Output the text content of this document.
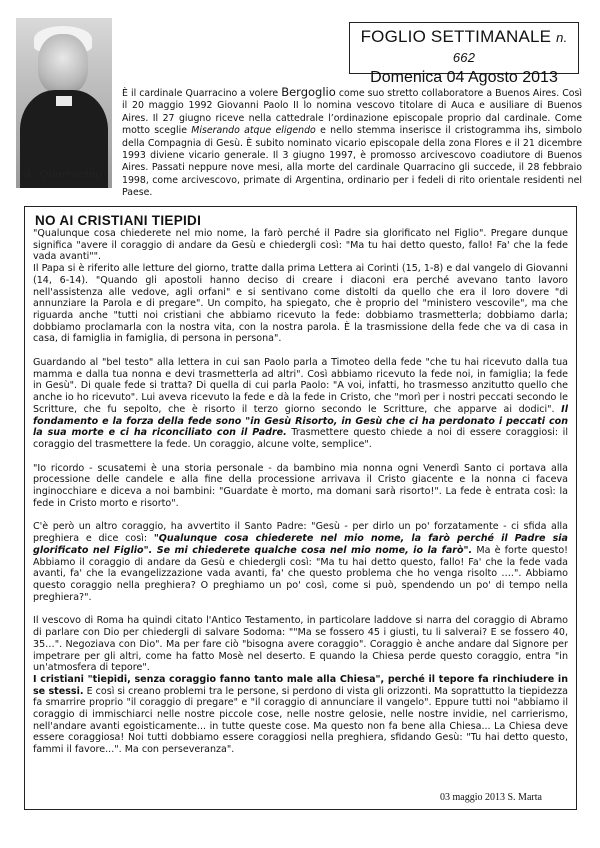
A. Quarracino
FOGLIO SETTIMANALE n. 662
Domenica 04 Agosto 2013
È il cardinale Quarracino a volere Bergoglio come suo stretto collaboratore a Buenos Aires. Così il 20 maggio 1992 Giovanni Paolo II lo nomina vescovo titolare di Auca e ausiliare di Buenos Aires. Il 27 giugno riceve nella cattedrale l’ordinazione episcopale proprio dal cardinale. Come motto sceglie Miserando atque eligendo e nello stemma inserisce il cristogramma ihs, simbolo della Compagnia di Gesù. È subito nominato vicario episcopale della zona Flores e il 21 dicembre 1993 diviene vicario generale. Il 3 giugno 1997, è promosso arcivescovo coadiutore di Buenos Aires. Passati neppure nove mesi, alla morte del cardinale Quarracino gli succede, il 28 febbraio 1998, come arcivescovo, primate di Argentina, ordinario per i fedeli di rito orientale residenti nel Paese.
NO AI CRISTIANI TIEPIDI

"Qualunque cosa chiederete nel mio nome, la farò perché il Padre sia glorificato nel Figlio". Pregare dunque significa "avere il coraggio di andare da Gesù e chiedergli così: "Ma tu hai detto questo, fallo! Fa' che la fede vada avanti"".
Il Papa si è riferito alle letture del giorno, tratte dalla prima Lettera ai Corinti (15, 1-8) e dal vangelo di Giovanni (14, 6-14). "Quando gli apostoli hanno deciso di creare i diaconi era perché avevano tanto lavoro nell'assistenza alle vedove, agli orfani" e si sentivano come distolti da quello che era il loro dovere "di annunziare la Parola e di pregare". Un compito, ha spiegato, che è proprio del "ministero vescovile", ma che riguarda anche "tutti noi cristiani che abbiamo ricevuto la fede: dobbiamo trasmetterla; dobbiamo darla; dobbiamo proclamarla con la nostra vita, con la nostra parola. È la trasmissione della fede che va di casa in casa, di famiglia in famiglia, di persona in persona".

Guardando al "bel testo" alla lettera in cui san Paolo parla a Timoteo della fede "che tu hai ricevuto dalla tua mamma e dalla tua nonna e devi trasmetterla ad altri". Così abbiamo ricevuto la fede noi, in famiglia; la fede in Gesù". Di quale fede si tratta? Di quella di cui parla Paolo: "A voi, infatti, ho trasmesso anzitutto quello che anche io ho ricevuto". Lui aveva ricevuto la fede e dà la fede in Cristo, che "morì per i nostri peccati secondo le Scritture, che fu sepolto, che è risorto il terzo giorno secondo le Scritture, che apparve ai dodici". Il fondamento e la forza della fede sono "in Gesù Risorto, in Gesù che ci ha perdonato i peccati con la sua morte e ci ha riconciliato con il Padre. Trasmettere questo chiede a noi di essere coraggiosi: il coraggio del trasmettere la fede. Un coraggio, alcune volte, semplice".

"Io ricordo - scusatemi è una storia personale - da bambino mia nonna ogni Venerdì Santo ci portava alla processione delle candele e alla fine della processione arrivava il Cristo giacente e la nonna ci faceva inginocchiare e diceva a noi bambini: "Guardate è morto, ma domani sarà risorto!". La fede è entrata così: la fede in Cristo morto e risorto".

C'è però un altro coraggio, ha avvertito il Santo Padre: "Gesù - per dirlo un po' forzatamente - ci sfida alla preghiera e dice così: "Qualunque cosa chiederete nel mio nome, la farò perché il Padre sia glorificato nel Figlio". Se mi chiederete qualche cosa nel mio nome, io la farò". Ma è forte questo! Abbiamo il coraggio di andare da Gesù e chiedergli così: "Ma tu hai detto questo, fallo! Fa' che la fede vada avanti, fa' che la evangelizzazione vada avanti, fa' che questo problema che ho venga risolto ….". Abbiamo questo coraggio nella preghiera? O preghiamo un po' così, come si può, spendendo un po' di tempo nella preghiera?".

Il vescovo di Roma ha quindi citato l'Antico Testamento, in particolare laddove si narra del coraggio di Abramo di parlare con Dio per chiedergli di salvare Sodoma: ""Ma se fossero 45 i giusti, tu li salverai? E se fossero 40, 35…". Negoziava con Dio". Ma per fare ciò "bisogna avere coraggio". Coraggio è anche andare dal Signore per impetrare per gli altri, come ha fatto Mosè nel deserto. E quando la Chiesa perde questo coraggio, entra "in un'atmosfera di tepore".
I cristiani "tiepidi, senza coraggio fanno tanto male alla Chiesa", perché il tepore fa rinchiudere in se stessi. E così si creano problemi tra le persone, si perdono di vista gli orizzonti. Ma soprattutto la tiepidezza fa smarrire proprio "il coraggio di pregare" e "il coraggio di annunciare il vangelo". Eppure tutti noi "abbiamo il coraggio di immischiarci nelle nostre piccole cose, nelle nostre gelosie, nelle nostre invidie, nel carrierismo, nell'andare avanti egoisticamente... in tutte queste cose. Ma questo non fa bene alla Chiesa... La Chiesa deve essere coraggiosa! Noi tutti dobbiamo essere coraggiosi nella preghiera, sfidando Gesù: "Tu hai detto questo, fammi il favore...". Ma con perseveranza".

03 maggio 2013 S. Marta
